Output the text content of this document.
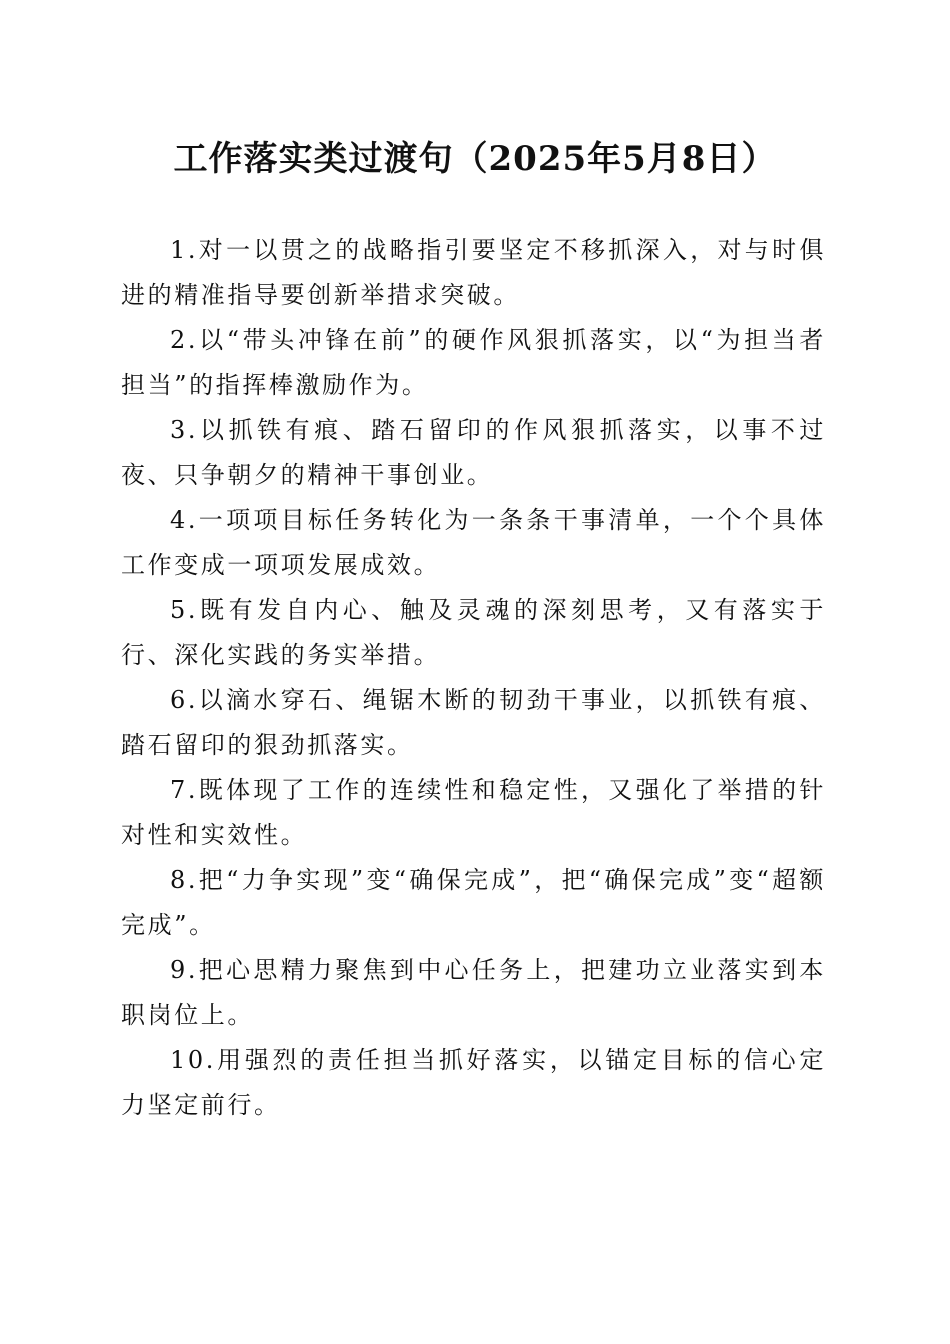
工作落实类过渡句（2025年5月8日）

1.对一以贯之的战略指引要坚定不移抓深入，对与时俱进的精准指导要创新举措求突破。

2.以“带头冲锋在前”的硬作风狠抓落实，以“为担当者担当”的指挥棒激励作为。

3.以抓铁有痕、踏石留印的作风狠抓落实，以事不过夜、只争朝夕的精神干事创业。

4.一项项目标任务转化为一条条干事清单，一个个具体工作变成一项项发展成效。

5.既有发自内心、触及灵魂的深刻思考，又有落实于行、深化实践的务实举措。

6.以滴水穿石、绳锯木断的韧劲干事业，以抓铁有痕、踏石留印的狠劲抓落实。

7.既体现了工作的连续性和稳定性，又强化了举措的针对性和实效性。

8.把“力争实现”变“确保完成”，把“确保完成”变“超额完成”。

9.把心思精力聚焦到中心任务上，把建功立业落实到本职岗位上。

10.用强烈的责任担当抓好落实，以锚定目标的信心定力坚定前行。
